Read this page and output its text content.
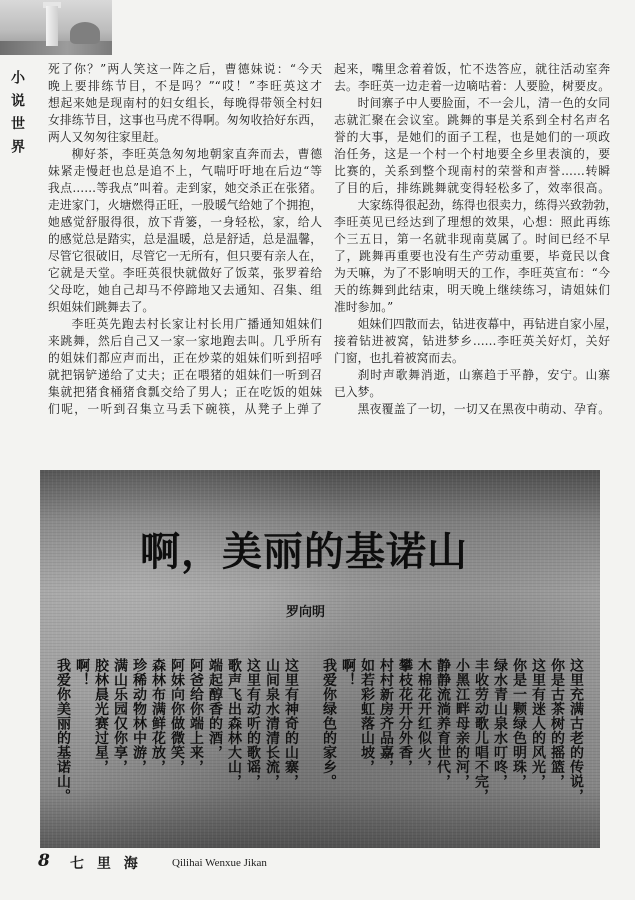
小说世界
死了你？”两人笑这一阵之后，曹德妹说：“今天
晚上要排练节目，不是吗？”“哎！”李旺英这才
想起来她是现南村的妇女组长，每晚得带领全村妇
女排练节目，这事也马虎不得啊。匆匆收拾好东西，
两人又匆匆往家里赶。
柳好茶，李旺英急匆匆地朝家直奔而去，曹德
妹紧走慢赶也总是追不上，气喘吁吁地在后边“等
我点……等我点”叫着。走到家，她交杀正在张猪。
走进家门，火塘燃得正旺，一股暖气给她了个拥抱，
她感觉舒服得很，放下背篓，一身轻松，家，给人
的感觉总是踏实，总是温暖，总是舒适，总是温馨，
尽管它很破旧，尽管它一无所有，但只要有亲人在，
它就是天堂。李旺英很快就做好了饭菜，张罗着给
父母吃，她自己却马不停蹄地又去通知、召集、组
织姐妹们跳舞去了。
李旺英先跑去村长家让村长用广播通知姐妹们
来跳舞，然后自己又一家一家地跑去叫。几乎所有
的姐妹们都应声而出，正在炒菜的姐妹们听到招呼
就把锅铲递给了丈夫；正在喂猪的姐妹们一听到召
集就把猪食桶猪食瓢交给了男人；正在吃饭的姐妹
们呢，一听到召集立马丢下碗筷，从凳子上弹了
起来，嘴里念着着饭，忙不迭答应，就往活动室奔
去。李旺英一边走着一边嘀咕着：人要脸，树要皮。
时间寨子中人要脸面，不一会儿，清一色的女同
志就汇聚在会议室。跳舞的事是关系到全村名声名
誉的大事，是她们的面子工程，也是她们的一项政
治任务，这是一个村一个村地要全乡里表演的，要
比赛的，关系到整个现南村的荣誉和声誉……转瞬
了目的后，排练跳舞就变得轻松多了，效率很高。
大家练得很起劲，练得也很卖力，练得兴致勃勃，
李旺英见已经达到了理想的效果，心想：照此再练
个三五日，第一名就非现南莫属了。时间已经不早
了，跳舞再重要也没有生产劳动重要，毕竟民以食
为天嘛，为了不影响明天的工作，李旺英宣布：“今
天的练舞到此结束，明天晚上继续练习，请姐妹们
准时参加。”
姐妹们四散而去，钻进夜幕中，再钻进自家小屋，
接着钻进被窝，钻进梦乡……李旺英关好灯，关好
门窗，也扎着被窝而去。
刹时声歌舞消逝，山寨趋于平静，安宁。山寨
已入梦。
黑夜覆盖了一切，一切又在黑夜中萌动、孕育。
啊，美丽的基诺山
罗向明
这里充满古老的传说，
你是古茶树的摇篮，
这里有迷人的风光，
你是一颗绿色明珠，
绿水青山泉水叮咚，
丰收劳动歌儿唱不完，
小黑江畔母亲的河，
静静流淌养育世代，
木棉花开红似火，
攀枝花开分外香，
村村新房齐品嘉，
如若彩虹落山坡，
啊！
我爱你绿色的家乡。
这里有神奇的山寨，
山间泉水清清长流，
这里有动听的歌谣，
歌声飞出森林大山，
端起醇香的酒，
阿爸给你端上来，
阿妹向你做微笑，
森林布满鲜花放，
珍稀动物林中游，
满山乐园仅你享，
胶林晨光赛过星，
啊！
我爱你美丽的基诺山。
8 七 里 海	Qilihai Wenxue Jikan
